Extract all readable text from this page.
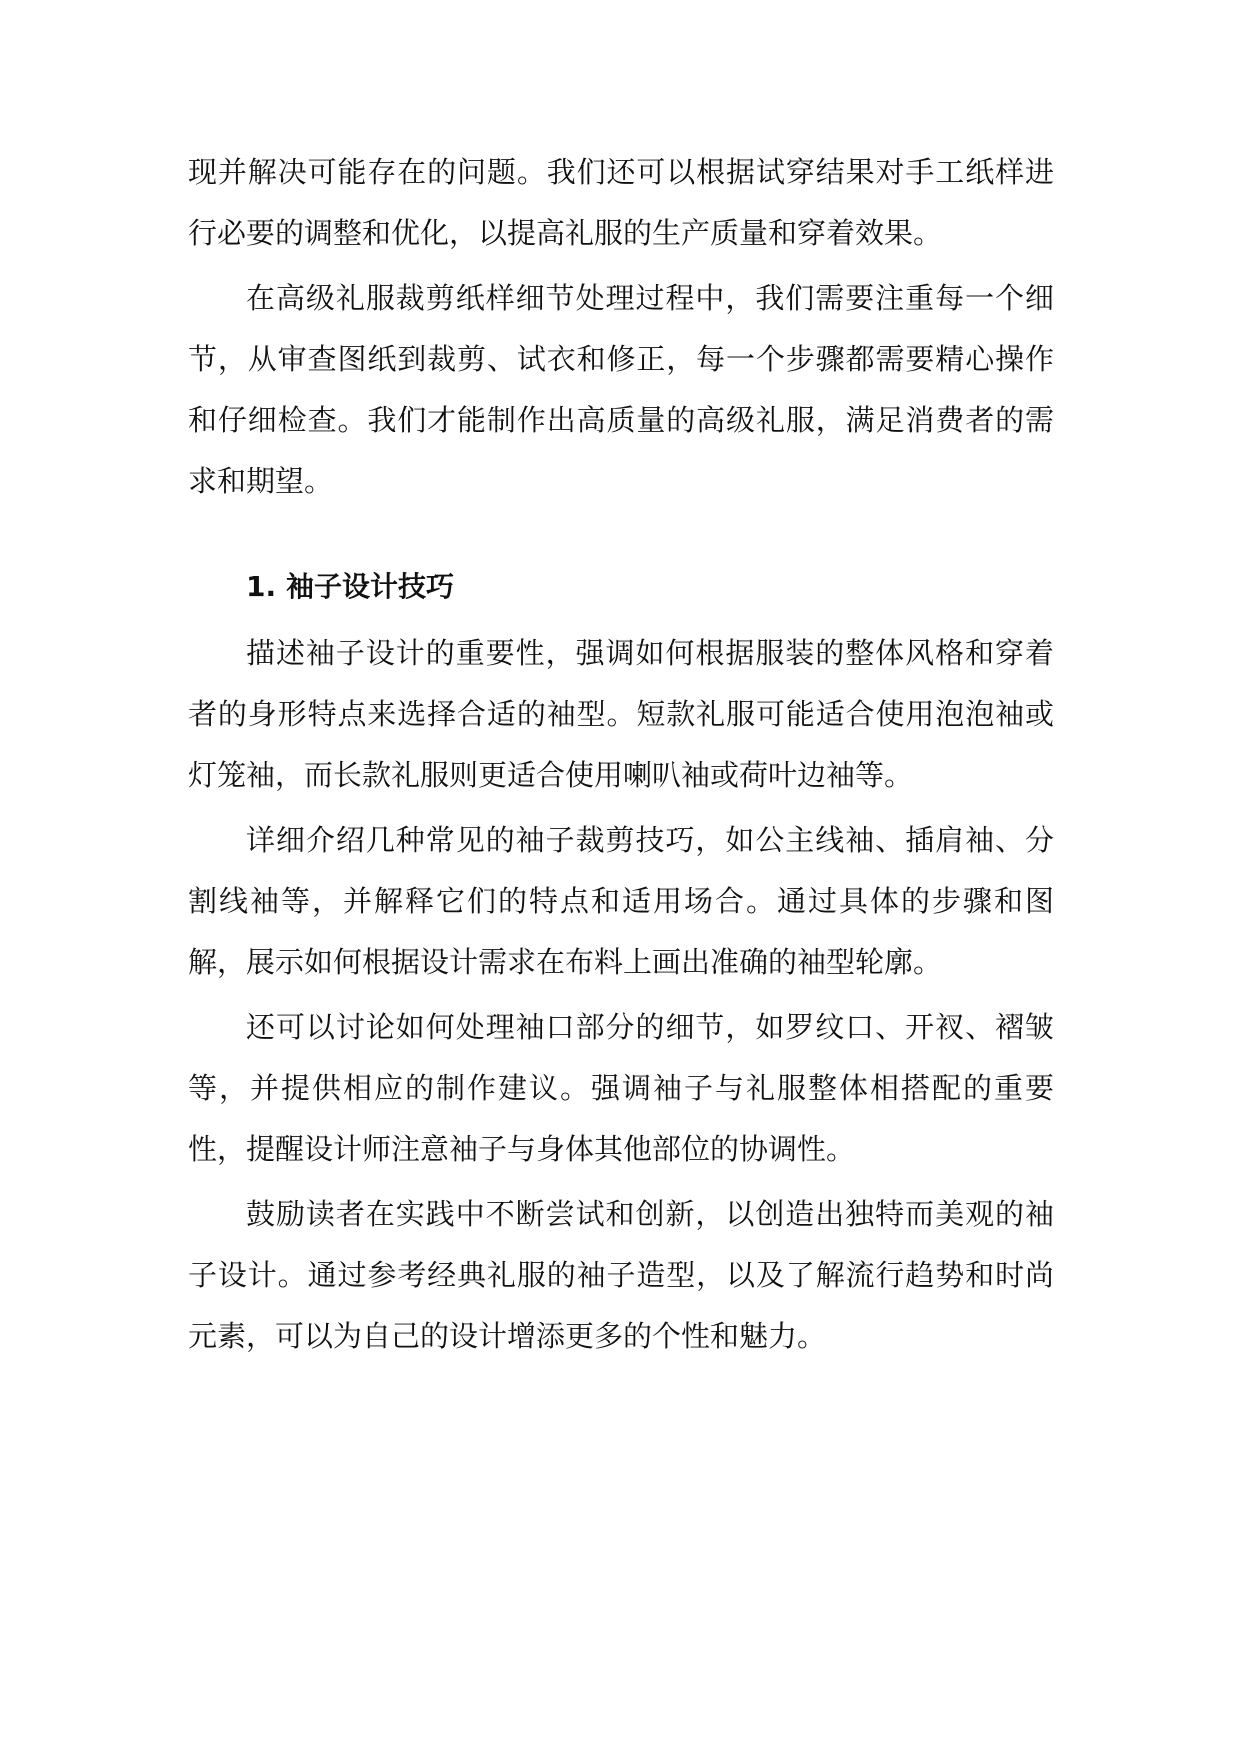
现并解决可能存在的问题。我们还可以根据试穿结果对手工纸样进行必要的调整和优化，以提高礼服的生产质量和穿着效果。

在高级礼服裁剪纸样细节处理过程中，我们需要注重每一个细节，从审查图纸到裁剪、试衣和修正，每一个步骤都需要精心操作和仔细检查。我们才能制作出高质量的高级礼服，满足消费者的需求和期望。

1. 袖子设计技巧

描述袖子设计的重要性，强调如何根据服装的整体风格和穿着者的身形特点来选择合适的袖型。短款礼服可能适合使用泡泡袖或灯笼袖，而长款礼服则更适合使用喇叭袖或荷叶边袖等。

详细介绍几种常见的袖子裁剪技巧，如公主线袖、插肩袖、分割线袖等，并解释它们的特点和适用场合。通过具体的步骤和图解，展示如何根据设计需求在布料上画出准确的袖型轮廓。

还可以讨论如何处理袖口部分的细节，如罗纹口、开衩、褶皱等，并提供相应的制作建议。强调袖子与礼服整体相搭配的重要性，提醒设计师注意袖子与身体其他部位的协调性。

鼓励读者在实践中不断尝试和创新，以创造出独特而美观的袖子设计。通过参考经典礼服的袖子造型，以及了解流行趋势和时尚元素，可以为自己的设计增添更多的个性和魅力。
